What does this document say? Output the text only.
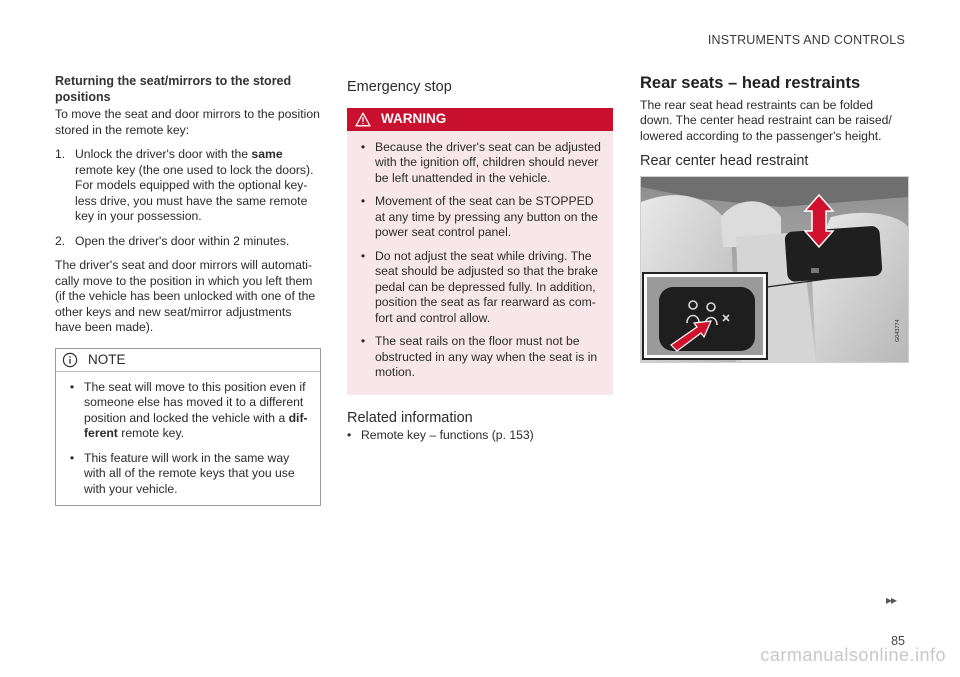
INSTRUMENTS AND CONTROLS
Returning the seat/mirrors to the stored positions

To move the seat and door mirrors to the position stored in the remote key:

1. Unlock the driver's door with the same remote key (the one used to lock the doors). For models equipped with the optional key-less drive, you must have the same remote key in your possession.
2. Open the driver's door within 2 minutes.

The driver's seat and door mirrors will automati-cally move to the position in which you left them (if the vehicle has been unlocked with one of the other keys and new seat/mirror adjustments have been made).

NOTE
• The seat will move to this position even if someone else has moved it to a different position and locked the vehicle with a dif-ferent remote key.
• This feature will work in the same way with all of the remote keys that you use with your vehicle.
Emergency stop
WARNING
• Because the driver's seat can be adjusted with the ignition off, children should never be left unattended in the vehicle.
• Movement of the seat can be STOPPED at any time by pressing any button on the power seat control panel.
• Do not adjust the seat while driving. The seat should be adjusted so that the brake pedal can be depressed fully. In addition, position the seat as far rearward as com-fort and control allow.
• The seat rails on the floor must not be obstructed in any way when the seat is in motion.
Related information
• Remote key – functions (p. 153)
Rear seats – head restraints

The rear seat head restraints can be folded down. The center head restraint can be raised/ lowered according to the passenger's height.

Rear center head restraint
G043774
▸▸
85
carmanualsonline.info
